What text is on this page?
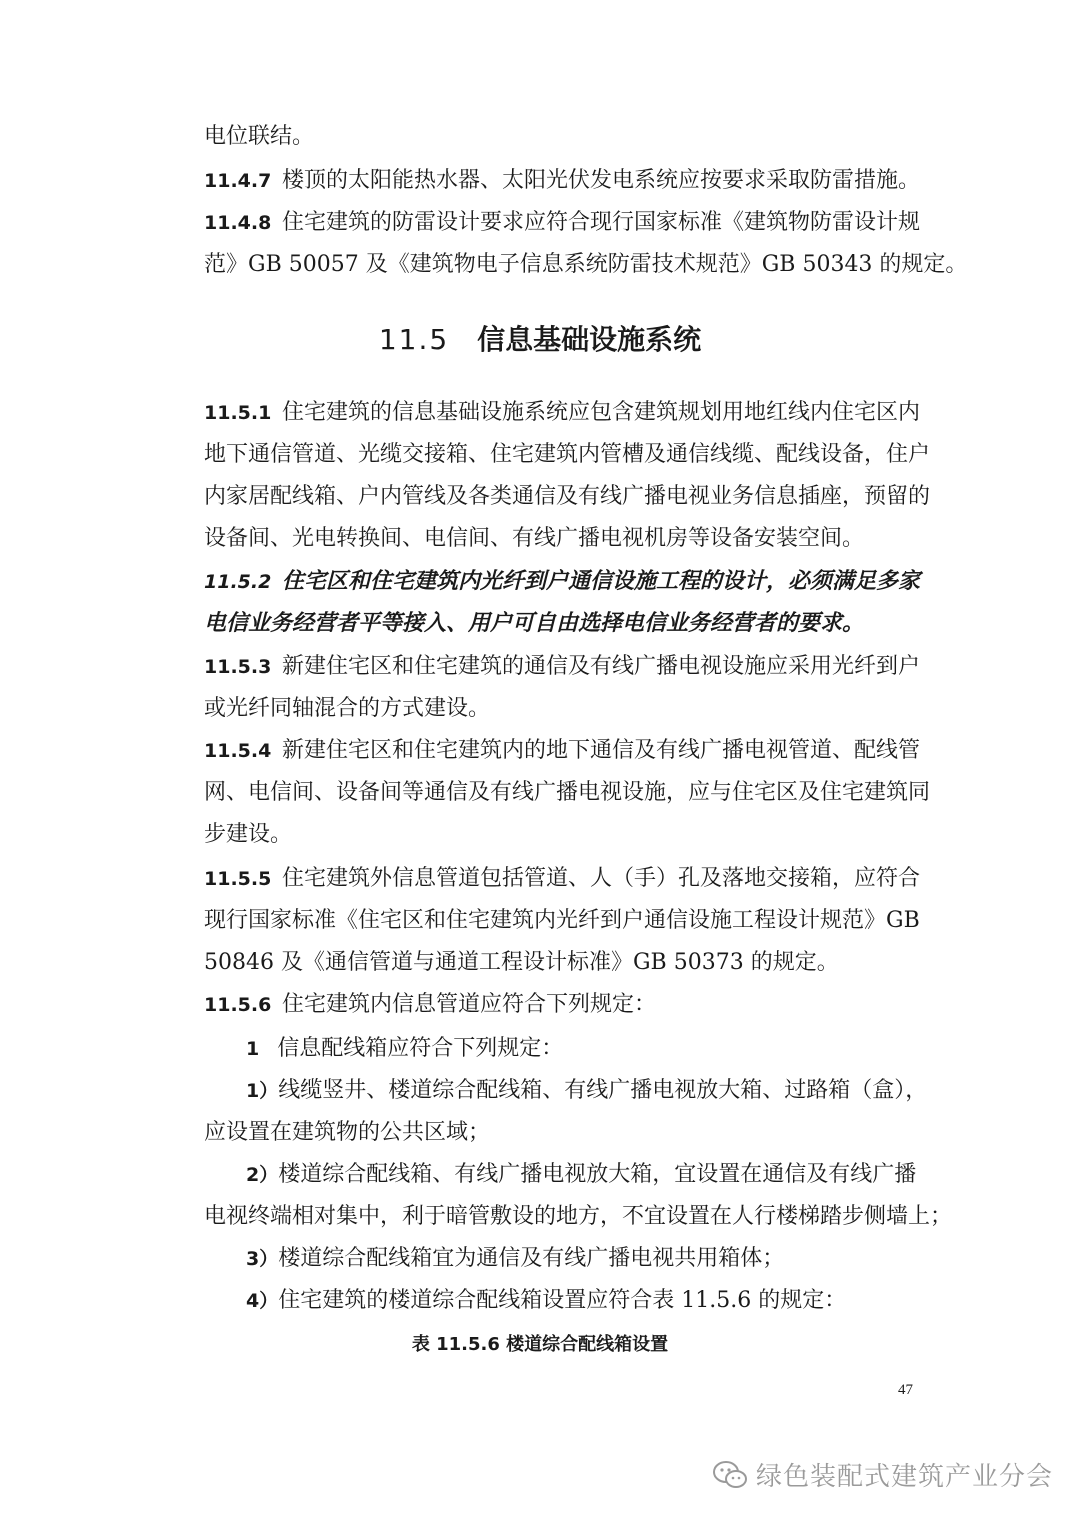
电位联结。
11.4.7 楼顶的太阳能热水器、太阳光伏发电系统应按要求采取防雷措施。
11.4.8 住宅建筑的防雷设计要求应符合现行国家标准《建筑物防雷设计规
范》GB 50057 及《建筑物电子信息系统防雷技术规范》GB 50343 的规定。
11.5 信息基础设施系统
11.5.1 住宅建筑的信息基础设施系统应包含建筑规划用地红线内住宅区内
地下通信管道、光缆交接箱、住宅建筑内管槽及通信线缆、配线设备，住户
内家居配线箱、户内管线及各类通信及有线广播电视业务信息插座，预留的
设备间、光电转换间、电信间、有线广播电视机房等设备安装空间。
11.5.2 住宅区和住宅建筑内光纤到户通信设施工程的设计，必须满足多家
电信业务经营者平等接入、用户可自由选择电信业务经营者的要求。
11.5.3 新建住宅区和住宅建筑的通信及有线广播电视设施应采用光纤到户
或光纤同轴混合的方式建设。
11.5.4 新建住宅区和住宅建筑内的地下通信及有线广播电视管道、配线管
网、电信间、设备间等通信及有线广播电视设施，应与住宅区及住宅建筑同
步建设。
11.5.5 住宅建筑外信息管道包括管道、人（手）孔及落地交接箱，应符合
现行国家标准《住宅区和住宅建筑内光纤到户通信设施工程设计规范》GB
50846 及《通信管道与通道工程设计标准》GB 50373 的规定。
11.5.6 住宅建筑内信息管道应符合下列规定：
1 信息配线箱应符合下列规定：
1）线缆竖井、楼道综合配线箱、有线广播电视放大箱、过路箱（盒），
应设置在建筑物的公共区域；
2）楼道综合配线箱、有线广播电视放大箱，宜设置在通信及有线广播
电视终端相对集中，利于暗管敷设的地方，不宜设置在人行楼梯踏步侧墙上；
3）楼道综合配线箱宜为通信及有线广播电视共用箱体；
4）住宅建筑的楼道综合配线箱设置应符合表 11.5.6 的规定：
表 11.5.6 楼道综合配线箱设置
47
绿色装配式建筑产业分会
